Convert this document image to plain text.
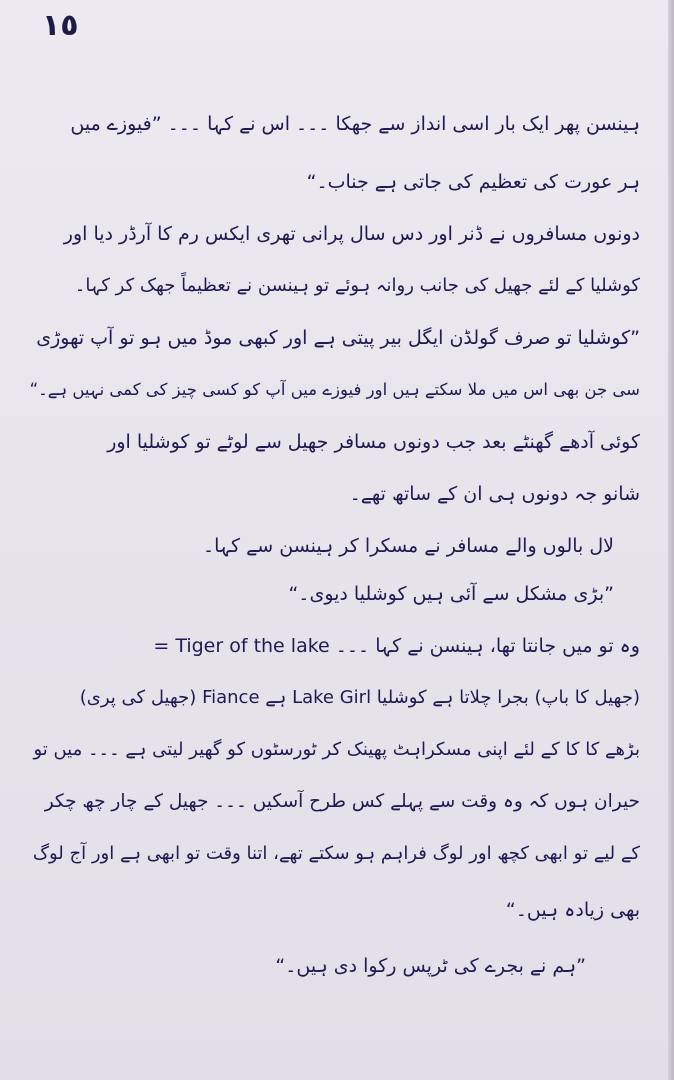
١٥
ہینسن پھر ایک بار اسی انداز سے جھکا ۔۔۔ اس نے کہا ۔۔۔ ”فیوزے میں
ہر عورت کی تعظیم کی جاتی ہے جناب۔“
دونوں مسافروں نے ڈنر اور دس سال پرانی تھری ایکس رم کا آرڈر دیا اور
کوشلیا کے لئے جھیل کی جانب روانہ ہوئے تو ہینسن نے تعظیماً جھک کر کہا۔
”کوشلیا تو صرف گولڈن ایگل بیر پیتی ہے اور کبھی موڈ میں ہو تو آپ تھوڑی
سی جن بھی اس میں ملا سکتے ہیں اور فیوزے میں آپ کو کسی چیز کی کمی نہیں ہے۔“
کوئی آدھے گھنٹے بعد جب دونوں مسافر جھیل سے لوٹے تو کوشلیا اور
شانو جہ دونوں ہی ان کے ساتھ تھے۔
لال بالوں والے مسافر نے مسکرا کر ہینسن سے کہا۔
”بڑی مشکل سے آئی ہیں کوشلیا دیوی۔“
وہ تو میں جانتا تھا، ہینسن نے کہا ۔۔۔ Tiger of the lake =
(جھیل کا باپ) بجرا چلاتا ہے کوشلیا Lake Girl ہے Fiance (جھیل کی پری)
بڑھے کا کا کے لئے اپنی مسکراہٹ پھینک کر ٹورسٹوں کو گھیر لیتی ہے ۔۔۔ میں تو
حیران ہوں کہ وہ وقت سے پہلے کس طرح آسکیں ۔۔۔ جھیل کے چار چھ چکر
کے لیے تو ابھی کچھ اور لوگ فراہم ہو سکتے تھے، اتنا وقت تو ابھی ہے اور آج لوگ
بھی زیادہ ہیں۔“
”ہم نے بجرے کی ٹرپس رکوا دی ہیں۔“
